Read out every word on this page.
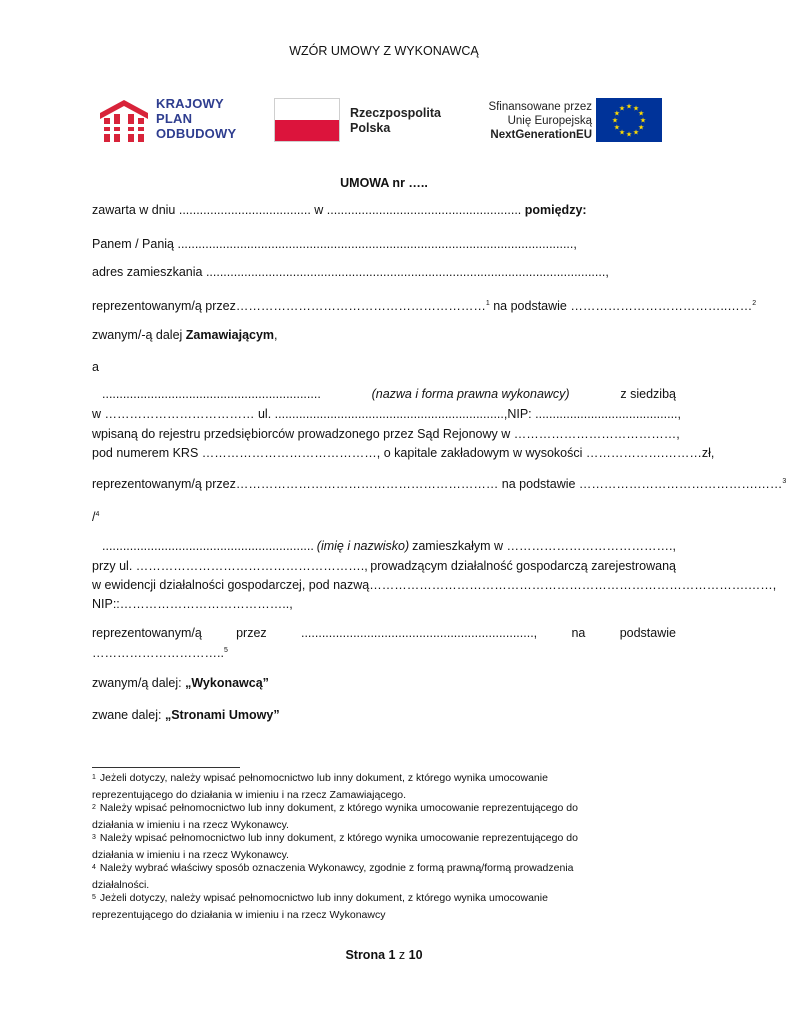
WZÓR UMOWY Z WYKONAWCĄ
KRAJOWY
PLAN
ODBUDOWY
Rzeczpospolita
Polska
Sfinansowane przez
Unię Europejską
NextGenerationEU
★ ★
★
★
★
★
★
★
★
★
★
★
UMOWA nr …..
zawarta w dniu ...................................... w ........................................................ pomiędzy:
Panem / Panią ..................................................................................................................,
adres zamieszkania ...................................................................................................................,
reprezentowanym/ą przez……………………………………………………$^1$ na podstawie ………………………………..……$^2$
zwanym/-ą dalej Zamawiającym,
a
...............................................................	(nazwa i forma prawna wykonawcy)	z siedzibą
w ……………………………… ul. .................................................................., NIP: .........................................,
wpisaną do rejestru przedsiębiorców prowadzonego przez Sąd Rejonowy w …………………………………,
pod numerem KRS ……………………………………, o kapitale zakładowym w wysokości ……………….……… zł,
reprezentowanym/ą przez……………………………………………………… na podstawie …………………………………….……$^3$
/$^4$
............................................................. (imię i nazwisko) zamieszkałym w ………………………………….,
przy ul. ………………………………………………., prowadzącym działalność gospodarczą zarejestrowaną
w ewidencji działalności gospodarczej, pod nazwą ……………………………………………………………………………….……,
NIP::…………………………………..,
reprezentowanym/ą	przez	...................................................................,	na	podstawie
…………………………..$^5$
zwanym/ą dalej: „Wykonawcą”
zwane dalej: „Stronami Umowy”
$^1$ Jeżeli dotyczy, należy wpisać pełnomocnictwo lub inny dokument, z którego wynika umocowanie
reprezentującego do działania w imieniu i na rzecz Zamawiającego.
$^2$ Należy wpisać pełnomocnictwo lub inny dokument, z którego wynika umocowanie reprezentującego do
działania w imieniu i na rzecz Wykonawcy.
$^3$ Należy wpisać pełnomocnictwo lub inny dokument, z którego wynika umocowanie reprezentującego do
działania w imieniu i na rzecz Wykonawcy.
$^4$ Należy wybrać właściwy sposób oznaczenia Wykonawcy, zgodnie z formą prawną/formą prowadzenia
działalności.
$^5$ Jeżeli dotyczy, należy wpisać pełnomocnictwo lub inny dokument, z którego wynika umocowanie
reprezentującego do działania w imieniu i na rzecz Wykonawcy
Strona 1 z 10
